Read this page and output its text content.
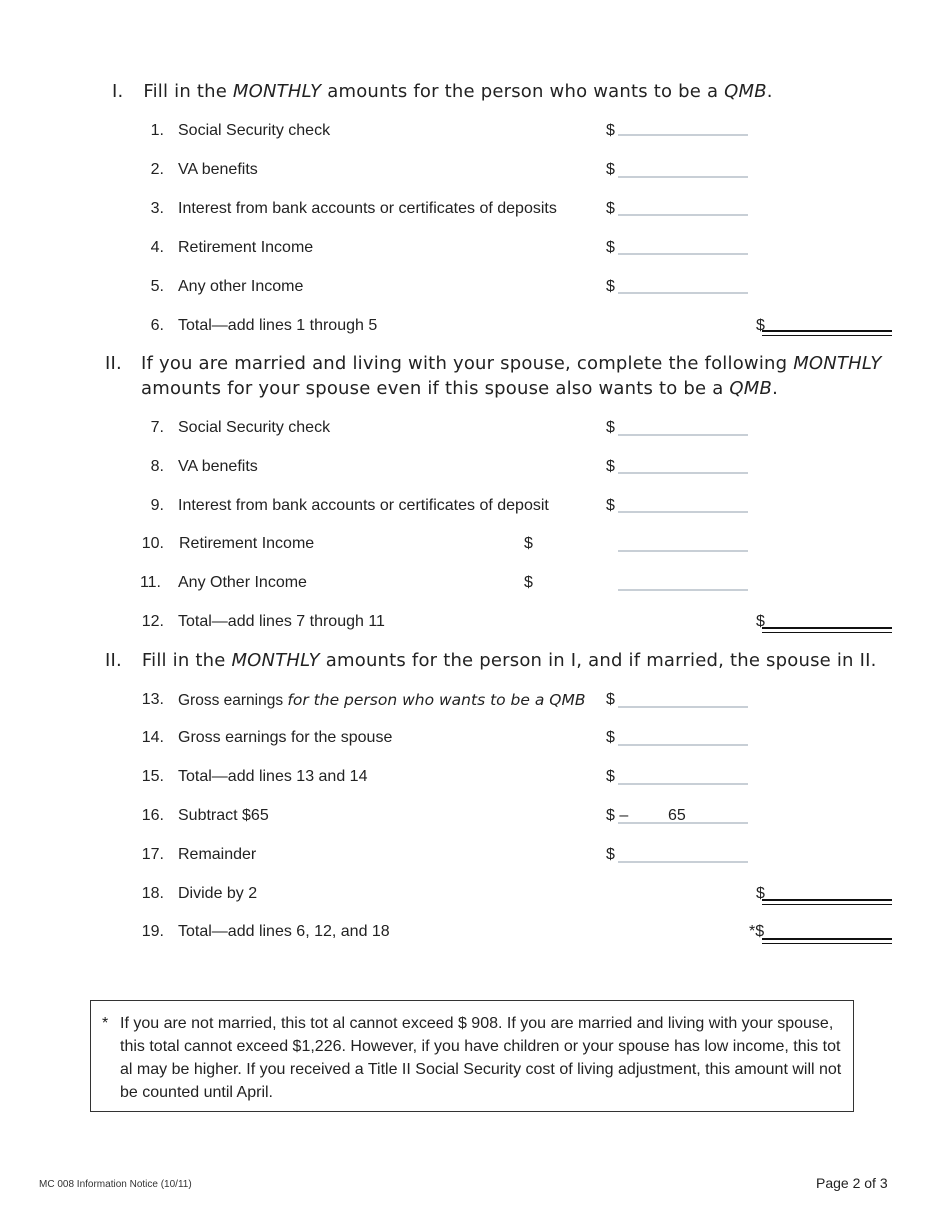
I. Fill in the MONTHLY amounts for the person who wants to be a QMB.
1. Social Security check	$
2. VA benefits	$
3. Interest from bank accounts or certificates of deposits	$
4. Retirement Income	$
5. Any other Income	$
6. Total—add lines 1 through 5	$
II. If you are married and living with your spouse, complete the following MONTHLY
amounts for your spouse even if this spouse also wants to be a QMB.
7. Social Security check	$
8. VA benefits	$
9. Interest from bank accounts or certificates of deposit	$
10. Retirement Income	$
11. Any Other Income	$
12. Total—add lines 7 through 11	$
II. Fill in the MONTHLY amounts for the person in I, and if married, the spouse in II.
13. Gross earnings for the person who wants to be a QMB $
14. Gross earnings for the spouse	$
15. Total—add lines 13 and 14	$
16. Subtract $65	$ – 65
17. Remainder	$
18. Divide by 2	$
19. Total—add lines 6, 12, and 18	*$
* If you are not married, this tot al cannot exceed $ 908. If you are married and living with your spouse, this total cannot exceed $1,226. However, if you have children or your spouse has low income, this tot al may be higher. If you received a Title II Social Security cost of living adjustment, this amount will not be counted until April.
MC 008 Information Notice (10/11)	Page 2 of 3
